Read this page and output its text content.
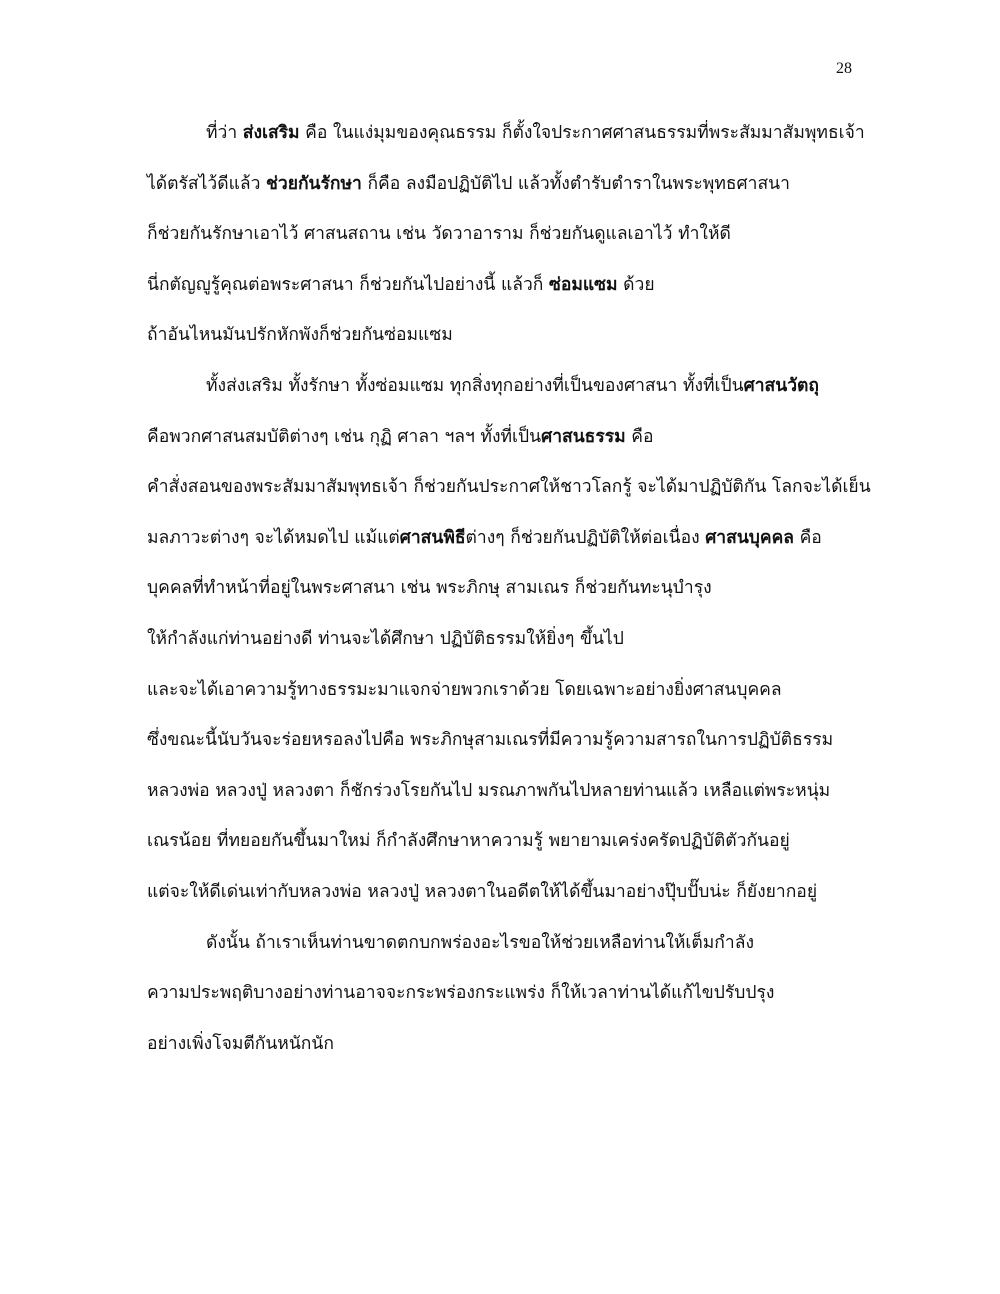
28
ที่ว่า ส่งเสริม คือ ในแง่มุมของคุณธรรม ก็ตั้งใจประกาศศาสนธรรมที่พระสัมมาสัมพุทธเจ้า
ได้ตรัสไว้ดีแล้ว ช่วยกันรักษา ก็คือ ลงมือปฏิบัติไป แล้วทั้งตำรับตำราในพระพุทธศาสนา
ก็ช่วยกันรักษาเอาไว้ ศาสนสถาน เช่น วัดวาอาราม ก็ช่วยกันดูแลเอาไว้ ทำให้ดี
นี่กตัญญูรู้คุณต่อพระศาสนา ก็ช่วยกันไปอย่างนี้ แล้วก็ ซ่อมแซม ด้วย
ถ้าอันไหนมันปรักหักพังก็ช่วยกันซ่อมแซม
ทั้งส่งเสริม ทั้งรักษา ทั้งซ่อมแซม ทุกสิ่งทุกอย่างที่เป็นของศาสนา ทั้งที่เป็นศาสนวัตถุ
คือพวกศาสนสมบัติต่างๆ เช่น กุฏิ ศาลา ฯลฯ ทั้งที่เป็นศาสนธรรม คือ
คำสั่งสอนของพระสัมมาสัมพุทธเจ้า ก็ช่วยกันประกาศให้ชาวโลกรู้ จะได้มาปฏิบัติกัน โลกจะได้เย็น
มลภาวะต่างๆ จะได้หมดไป แม้แต่ศาสนพิธีต่างๆ ก็ช่วยกันปฏิบัติให้ต่อเนื่อง ศาสนบุคคล คือ
บุคคลที่ทำหน้าที่อยู่ในพระศาสนา เช่น พระภิกษุ สามเณร ก็ช่วยกันทะนุบำรุง
ให้กำลังแก่ท่านอย่างดี ท่านจะได้ศึกษา ปฏิบัติธรรมให้ยิ่งๆ ขึ้นไป
และจะได้เอาความรู้ทางธรรมะมาแจกจ่ายพวกเราด้วย โดยเฉพาะอย่างยิ่งศาสนบุคคล
ซึ่งขณะนี้นับวันจะร่อยหรอลงไปคือ พระภิกษุสามเณรที่มีความรู้ความสารถในการปฏิบัติธรรม
หลวงพ่อ หลวงปู่ หลวงตา ก็ชักร่วงโรยกันไป มรณภาพกันไปหลายท่านแล้ว เหลือแต่พระหนุ่ม
เณรน้อย ที่ทยอยกันขึ้นมาใหม่ ก็กำลังศึกษาหาความรู้ พยายามเคร่งครัดปฏิบัติตัวกันอยู่
แต่จะให้ดีเด่นเท่ากับหลวงพ่อ หลวงปู่ หลวงตาในอดีตให้ได้ขึ้นมาอย่างปุ๊บปั๊บน่ะ ก็ยังยากอยู่
ดังนั้น ถ้าเราเห็นท่านขาดตกบกพร่องอะไรขอให้ช่วยเหลือท่านให้เต็มกำลัง
ความประพฤติบางอย่างท่านอาจจะกระพร่องกระแพร่ง ก็ให้เวลาท่านได้แก้ไขปรับปรุง
อย่างเพิ่งโจมตีกันหนักนัก
